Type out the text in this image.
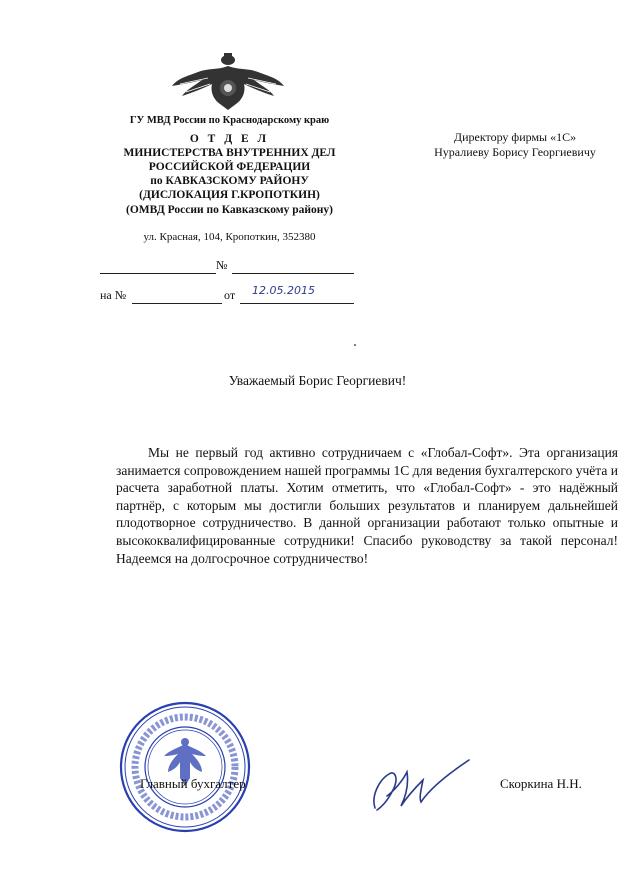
ГУ МВД России по Краснодарскому краю
О Т Д Е Л
МИНИСТЕРСТВА ВНУТРЕННИХ ДЕЛ
РОССИЙСКОЙ ФЕДЕРАЦИИ
по КАВКАЗСКОМУ РАЙОНУ
(ДИСЛОКАЦИЯ Г.КРОПОТКИН)
(ОМВД России по Кавказскому району)
ул. Красная, 104, Кропоткин, 352380
№
на №	от 12.05.2015
Директору фирмы «1С»
Нуралиеву Борису Георгиевичу
Уважаемый Борис Георгиевич!
Мы не первый год активно сотрудничаем с «Глобал-Софт». Эта организация занимается сопровождением нашей программы 1С для ведения бухгалтерского учёта и расчета заработной платы. Хотим отметить, что «Глобал-Софт» - это надёжный партнёр, с которым мы достигли больших результатов и планируем дальнейшей плодотворное сотрудничество. В данной организации работают только опытные и высококвалифицированные сотрудники! Спасибо руководству за такой персонал! Надеемся на долгосрочное сотрудничество!
Главный бухгалтер	Скоркина Н.Н.
